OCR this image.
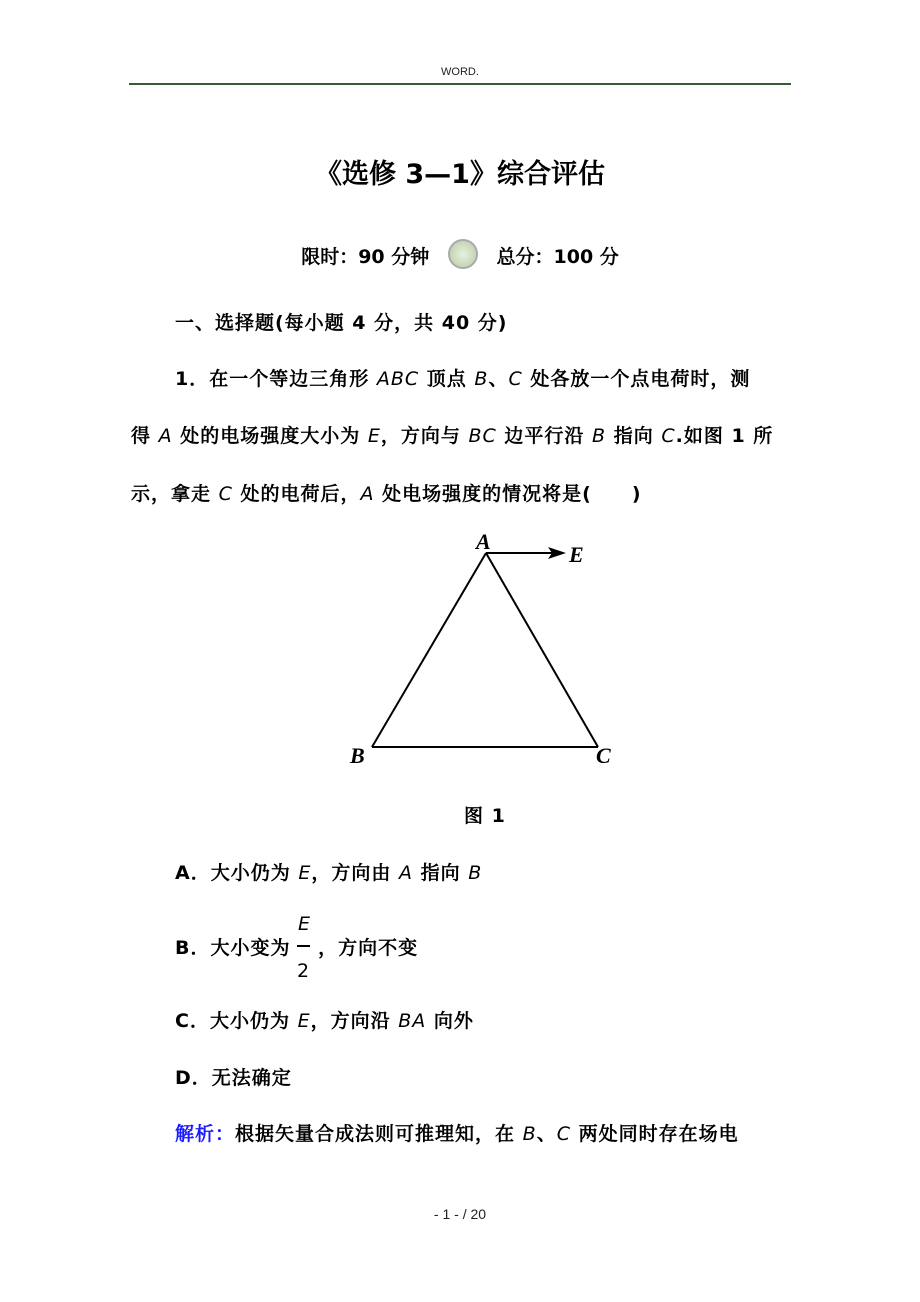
WORD.
《选修 3—1》综合评估
限时：90 分钟	总分：100 分
一、选择题(每小题 4 分，共 40 分)
1．在一个等边三角形 ABC 顶点 B、C 处各放一个点电荷时，测
得 A 处的电场强度大小为 E，方向与 BC 边平行沿 B 指向 C.如图 1 所
示，拿走 C 处的电荷后，A 处电场强度的情况将是(　　)
A
E
B	C
图 1
A．大小仍为 E，方向由 A 指向 B
B．大小变为　 ，方向不变
E
2
C．大小仍为 E，方向沿 BA 向外
D．无法确定
解析：根据矢量合成法则可推理知，在 B、C 两处同时存在场电
- 1 - / 20
